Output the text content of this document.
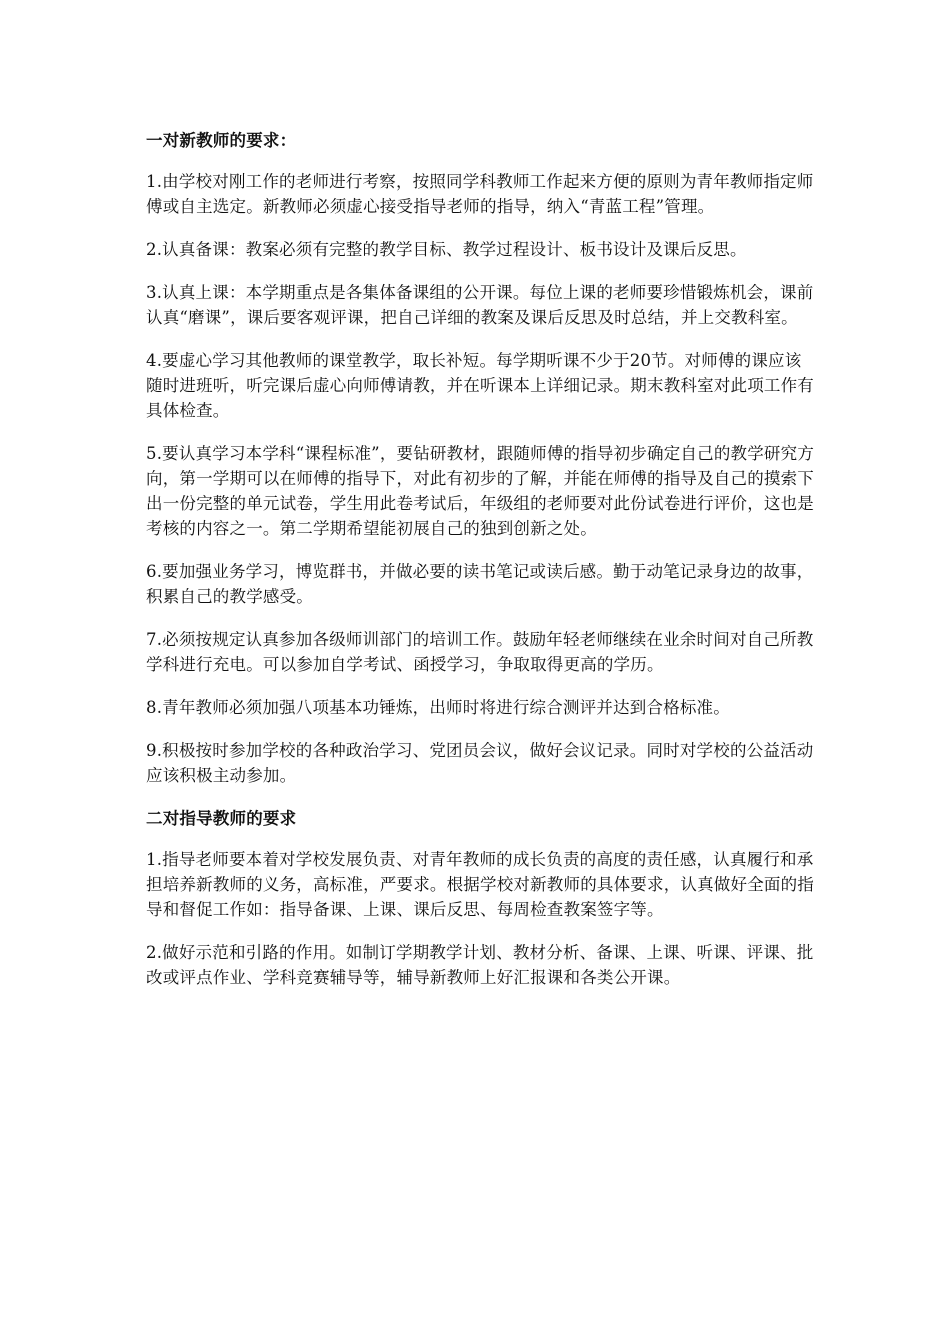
一对新教师的要求：

1.由学校对刚工作的老师进行考察，按照同学科教师工作起来方便的原则为青年教师指定师傅或自主选定。新教师必须虚心接受指导老师的指导，纳入“青蓝工程”管理。

2.认真备课：教案必须有完整的教学目标、教学过程设计、板书设计及课后反思。

3.认真上课：本学期重点是各集体备课组的公开课。每位上课的老师要珍惜锻炼机会，课前认真“磨课”，课后要客观评课，把自己详细的教案及课后反思及时总结，并上交教科室。

4.要虚心学习其他教师的课堂教学，取长补短。每学期听课不少于20节。对师傅的课应该随时进班听，听完课后虚心向师傅请教，并在听课本上详细记录。期末教科室对此项工作有具体检查。

5.要认真学习本学科“课程标准”，要钻研教材，跟随师傅的指导初步确定自己的教学研究方向，第一学期可以在师傅的指导下，对此有初步的了解，并能在师傅的指导及自己的摸索下出一份完整的单元试卷，学生用此卷考试后，年级组的老师要对此份试卷进行评价，这也是考核的内容之一。第二学期希望能初展自己的独到创新之处。

6.要加强业务学习，博览群书，并做必要的读书笔记或读后感。勤于动笔记录身边的故事，积累自己的教学感受。

7.必须按规定认真参加各级师训部门的培训工作。鼓励年轻老师继续在业余时间对自己所教学科进行充电。可以参加自学考试、函授学习，争取取得更高的学历。

8.青年教师必须加强八项基本功锤炼，出师时将进行综合测评并达到合格标准。

9.积极按时参加学校的各种政治学习、党团员会议，做好会议记录。同时对学校的公益活动应该积极主动参加。

二对指导教师的要求

1.指导老师要本着对学校发展负责、对青年教师的成长负责的高度的责任感，认真履行和承担培养新教师的义务，高标准，严要求。根据学校对新教师的具体要求，认真做好全面的指导和督促工作如：指导备课、上课、课后反思、每周检查教案签字等。

2.做好示范和引路的作用。如制订学期教学计划、教材分析、备课、上课、听课、评课、批改或评点作业、学科竞赛辅导等，辅导新教师上好汇报课和各类公开课。
